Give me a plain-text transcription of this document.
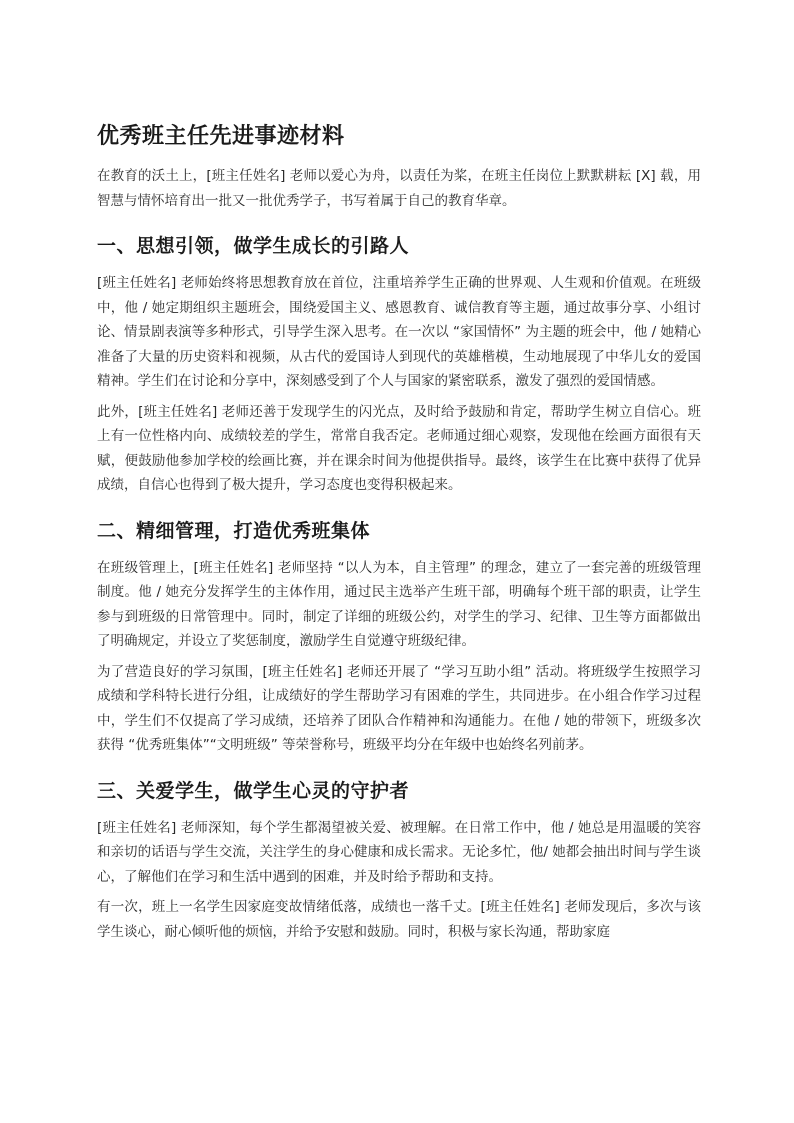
优秀班主任先进事迹材料

在教育的沃土上，[班主任姓名] 老师以爱心为舟，以责任为桨，在班主任岗位上默默耕耘 [X] 载，用智慧与情怀培育出一批又一批优秀学子，书写着属于自己的教育华章。

一、思想引领，做学生成长的引路人

[班主任姓名] 老师始终将思想教育放在首位，注重培养学生正确的世界观、人生观和价值观。在班级中，他 / 她定期组织主题班会，围绕爱国主义、感恩教育、诚信教育等主题，通过故事分享、小组讨论、情景剧表演等多种形式，引导学生深入思考。在一次以 “家国情怀” 为主题的班会中，他 / 她精心准备了大量的历史资料和视频，从古代的爱国诗人到现代的英雄楷模，生动地展现了中华儿女的爱国精神。学生们在讨论和分享中，深刻感受到了个人与国家的紧密联系，激发了强烈的爱国情感。

此外，[班主任姓名] 老师还善于发现学生的闪光点，及时给予鼓励和肯定，帮助学生树立自信心。班上有一位性格内向、成绩较差的学生，常常自我否定。老师通过细心观察，发现他在绘画方面很有天赋，便鼓励他参加学校的绘画比赛，并在课余时间为他提供指导。最终，该学生在比赛中获得了优异成绩，自信心也得到了极大提升，学习态度也变得积极起来。

二、精细管理，打造优秀班集体

在班级管理上，[班主任姓名] 老师坚持 “以人为本，自主管理” 的理念，建立了一套完善的班级管理制度。他 / 她充分发挥学生的主体作用，通过民主选举产生班干部，明确每个班干部的职责，让学生参与到班级的日常管理中。同时，制定了详细的班级公约，对学生的学习、纪律、卫生等方面都做出了明确规定，并设立了奖惩制度，激励学生自觉遵守班级纪律。

为了营造良好的学习氛围，[班主任姓名] 老师还开展了 “学习互助小组” 活动。将班级学生按照学习成绩和学科特长进行分组，让成绩好的学生帮助学习有困难的学生，共同进步。在小组合作学习过程中，学生们不仅提高了学习成绩，还培养了团队合作精神和沟通能力。在他 / 她的带领下，班级多次获得 “优秀班集体”“文明班级” 等荣誉称号，班级平均分在年级中也始终名列前茅。

三、关爱学生，做学生心灵的守护者

[班主任姓名] 老师深知，每个学生都渴望被关爱、被理解。在日常工作中，他 / 她总是用温暖的笑容和亲切的话语与学生交流，关注学生的身心健康和成长需求。无论多忙，他/ 她都会抽出时间与学生谈心，了解他们在学习和生活中遇到的困难，并及时给予帮助和支持。

有一次，班上一名学生因家庭变故情绪低落，成绩也一落千丈。[班主任姓名] 老师发现后，多次与该学生谈心，耐心倾听他的烦恼，并给予安慰和鼓励。同时，积极与家长沟通，帮助家庭
